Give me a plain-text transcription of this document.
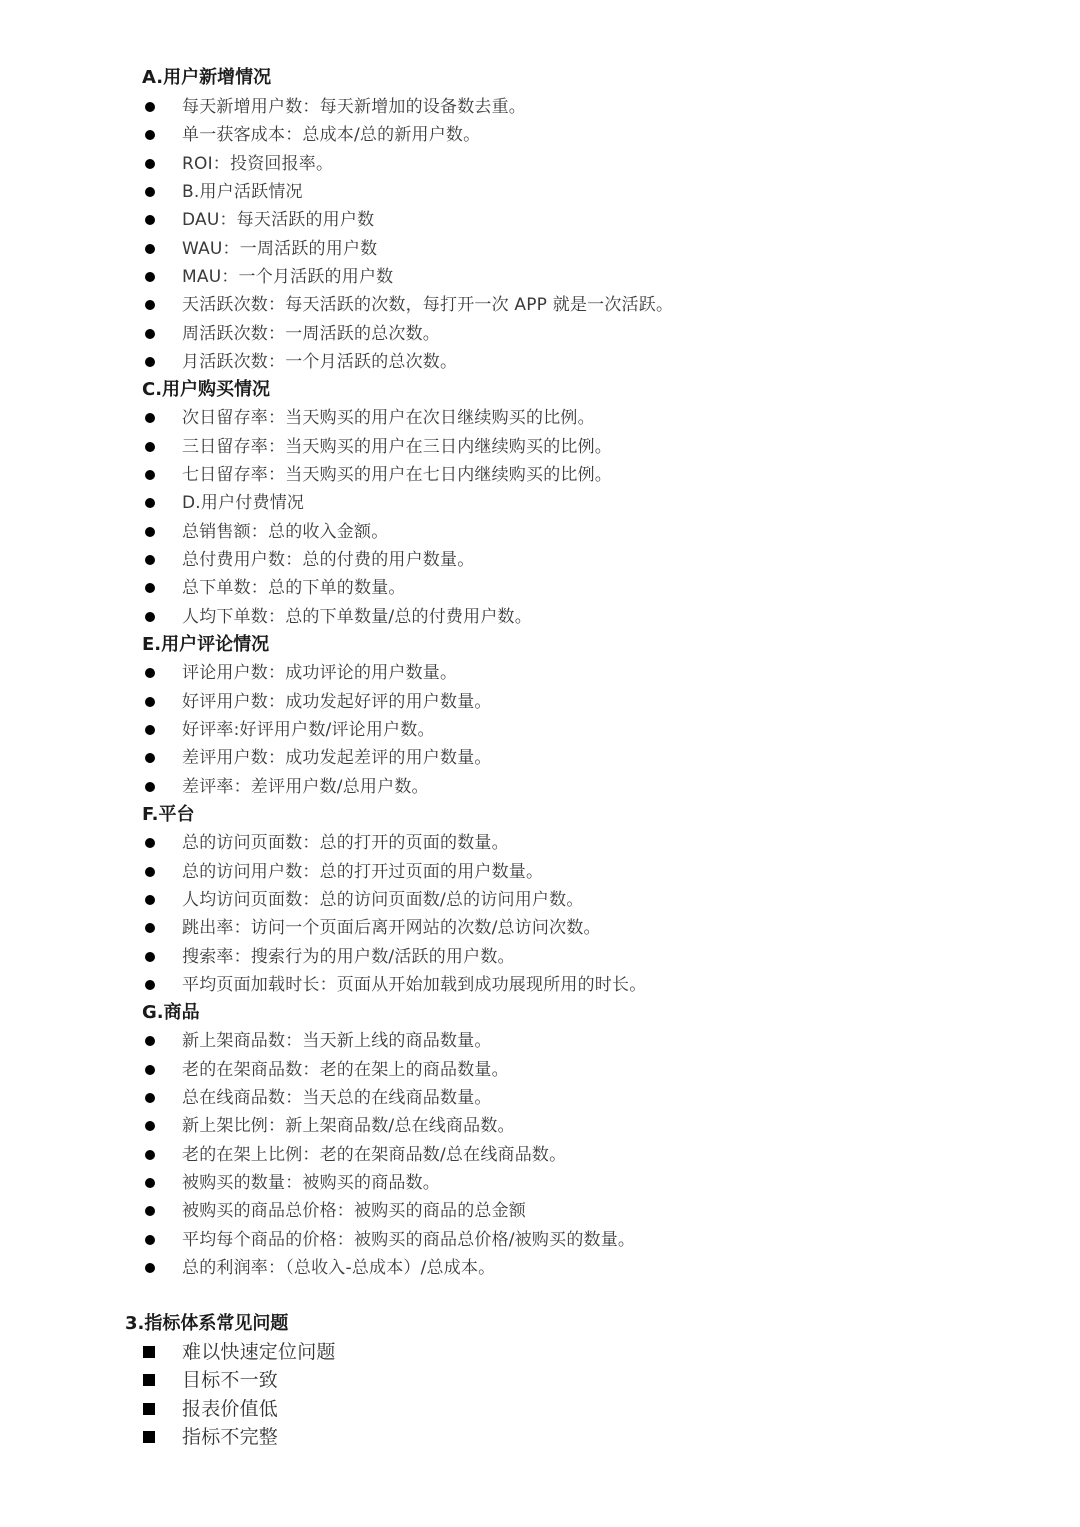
A.用户新增情况
每天新增用户数：每天新增加的设备数去重。
单一获客成本：总成本/总的新用户数。
ROI：投资回报率。
B.用户活跃情况
DAU：每天活跃的用户数
WAU：一周活跃的用户数
MAU：一个月活跃的用户数
天活跃次数：每天活跃的次数，每打开一次 APP 就是一次活跃。
周活跃次数：一周活跃的总次数。
月活跃次数：一个月活跃的总次数。
C.用户购买情况
次日留存率：当天购买的用户在次日继续购买的比例。
三日留存率：当天购买的用户在三日内继续购买的比例。
七日留存率：当天购买的用户在七日内继续购买的比例。
D.用户付费情况
总销售额：总的收入金额。
总付费用户数：总的付费的用户数量。
总下单数：总的下单的数量。
人均下单数：总的下单数量/总的付费用户数。
E.用户评论情况
评论用户数：成功评论的用户数量。
好评用户数：成功发起好评的用户数量。
好评率:好评用户数/评论用户数。
差评用户数：成功发起差评的用户数量。
差评率：差评用户数/总用户数。
F.平台
总的访问页面数：总的打开的页面的数量。
总的访问用户数：总的打开过页面的用户数量。
人均访问页面数：总的访问页面数/总的访问用户数。
跳出率：访问一个页面后离开网站的次数/总访问次数。
搜索率：搜索行为的用户数/活跃的用户数。
平均页面加载时长：页面从开始加载到成功展现所用的时长。
G.商品
新上架商品数：当天新上线的商品数量。
老的在架商品数：老的在架上的商品数量。
总在线商品数：当天总的在线商品数量。
新上架比例：新上架商品数/总在线商品数。
老的在架上比例：老的在架商品数/总在线商品数。
被购买的数量：被购买的商品数。
被购买的商品总价格：被购买的商品的总金额
平均每个商品的价格：被购买的商品总价格/被购买的数量。
总的利润率：（总收入-总成本）/总成本。
3.指标体系常见问题
难以快速定位问题
目标不一致
报表价值低
指标不完整
